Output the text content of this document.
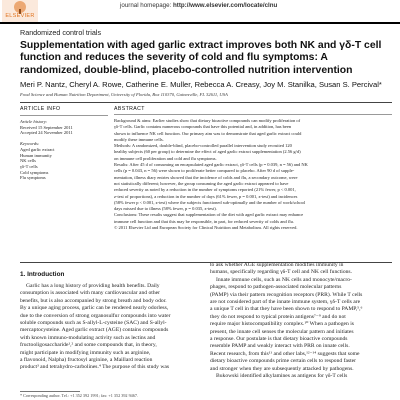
ELSEVIER
journal homepage: http://www.elsevier.com/locate/clnu
Randomized control trials
Supplementation with aged garlic extract improves both NK and γδ-T cell function and reduces the severity of cold and flu symptoms: A randomized, double-blind, placebo-controlled nutrition intervention
Meri P. Nantz, Cheryl A. Rowe, Catherine E. Muller, Rebecca A. Creasy, Joy M. Stanilka, Susan S. Percival*
Food Science and Human Nutrition Department, University of Florida, Box 110370, Gainesville, FL 32611, USA
ARTICLE INFO
Article history:
Received 15 September 2011
Accepted 24 November 2011
Keywords:
Aged garlic extract
Human immunity
NK cells
γδ-T cells
Cold symptoms
Flu symptoms
ABSTRACT
Background & aims: Earlier studies show that dietary bioactive compounds can modify proliferation of
γδ-T cells. Garlic contains numerous compounds that have this potential and, in addition, has been
shown to influence NK cell function. Our primary aim was to demonstrate that aged garlic extract could
modify these immune cells.
Methods: A randomized, double-blind, placebo-controlled parallel intervention study recruited 120
healthy subjects (60 per group) to determine the effect of aged garlic extract supplementation (2.56 g/d)
on immune cell proliferation and cold and flu symptoms.
Results: After 45 d of consuming an encapsulated aged garlic extract, γδ-T cells (p = 0.039, n = 56) and NK
cells (p = 0.043, n = 56) were shown to proliferate better compared to placebo. After 90 d of supple-
mentation, illness diary entries showed that the incidence of colds and flu, a secondary outcome, were
not statistically different; however, the group consuming the aged garlic extract appeared to have
reduced severity as noted by a reduction in the number of symptoms reported (21% fewer, p < 0.001,
z-test of proportions), a reduction in the number of days (61% fewer, p = 0.001, z-test) and incidences
(58% fewer p < 0.001, z-test) where the subjects functioned sub-optimally and the number of work/school
days missed due to illness (58% fewer, p = 0.035, z-test).
Conclusions: These results suggest that supplementation of the diet with aged garlic extract may enhance
immune cell function and that this may be responsible, in part, for reduced severity of colds and flu.
© 2011 Elsevier Ltd and European Society for Clinical Nutrition and Metabolism. All rights reserved.
1. Introduction
Garlic has a long history of providing health benefits. Daily
consumption is associated with many cardiovascular and other
benefits, but is also accompanied by strong breath and body odor.
By a unique aging process, garlic can be rendered nearly odorless,
due to the conversion of strong organosulfur compounds into water
soluble compounds such as S-allyl-L-cysteine (SAC) and S-allyl-
mercaptocysteine. Aged garlic extract (AGE) contains compounds
with known immuno-modulating activity such as lectins and
fructooligosaccharide¹,² and some compounds that, in theory,
might participate in modifying immunity such as arginine,
a flavonoid, Nalpha) fructosyl arginine, a Maillard reaction
product³ and tetrahydro-carbolines.⁴ The purpose of this study was
to ask whether AGE supplementation modifies immunity in
humans, specifically regarding γδ-T cell and NK cell functions.
Innate immune cells, such as NK cells and monocyte/macro-
phages, respond to pathogen-associated molecular patterns
(PAMP) via their pattern recognition receptors (PRR). While T cells
are not considered part of the innate immune system, γδ-T cells are
a unique T cell in that they have been shown to respond to PAMP,⁵,⁶
they do not respond to typical protein antigens⁷⁻⁹ and do not
require major histocompatibility complex.¹⁰ When a pathogen is
present, the innate cell senses the molecular pattern and initiates
a response. Our postulate is that dietary bioactive compounds
resemble PAMP and weakly interact with PRR on innate cells.
Recent research, from this¹¹ and other labs,¹²⁻¹⁴ suggests that some
dietary bioactive compounds prime certain cells to respond faster
and stronger when they are subsequently attacked by pathogens.
Bukowski identified alkylamines as antigens for γδ-T cells
* Corresponding author. Tel.: +1 352 392 1991; fax: +1 352 392 9467.
